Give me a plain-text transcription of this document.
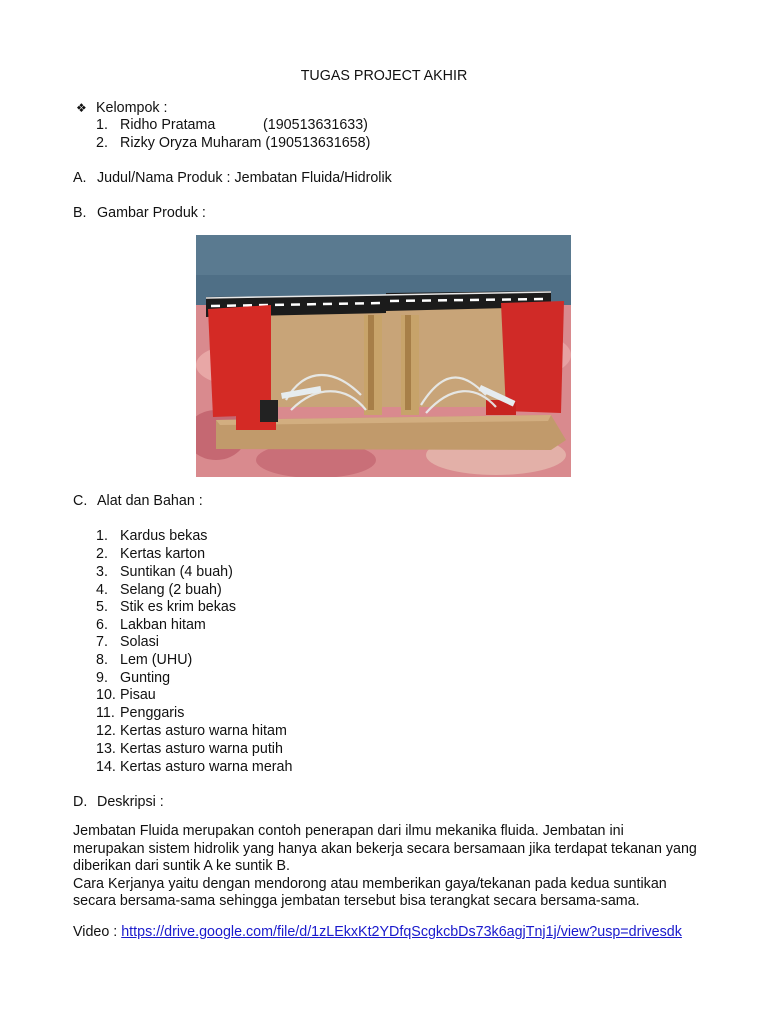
TUGAS PROJECT AKHIR
❖ Kelompok :
1. Ridho Pratama	(190513631633)
2. Rizky Oryza Muharam (190513631658)
A. Judul/Nama Produk : Jembatan Fluida/Hidrolik
B. Gambar Produk :
C. Alat dan Bahan :
1. Kardus bekas
2. Kertas karton
3. Suntikan (4 buah)
4. Selang (2 buah)
5. Stik es krim bekas
6. Lakban hitam
7. Solasi
8. Lem (UHU)
9. Gunting
10. Pisau
11. Penggaris
12. Kertas asturo warna hitam
13. Kertas asturo warna putih
14. Kertas asturo warna merah
D. Deskripsi :
Jembatan Fluida merupakan contoh penerapan dari ilmu mekanika fluida. Jembatan ini
merupakan sistem hidrolik yang hanya akan bekerja secara bersamaan jika terdapat tekanan yang
diberikan dari suntik A ke suntik B.
Cara Kerjanya yaitu dengan mendorong atau memberikan gaya/tekanan pada kedua suntikan
secara bersama-sama sehingga jembatan tersebut bisa terangkat secara bersama-sama.
Video : https://drive.google.com/file/d/1zLEkxKt2YDfqScgkcbDs73k6agjTnj1j/view?usp=drivesdk
